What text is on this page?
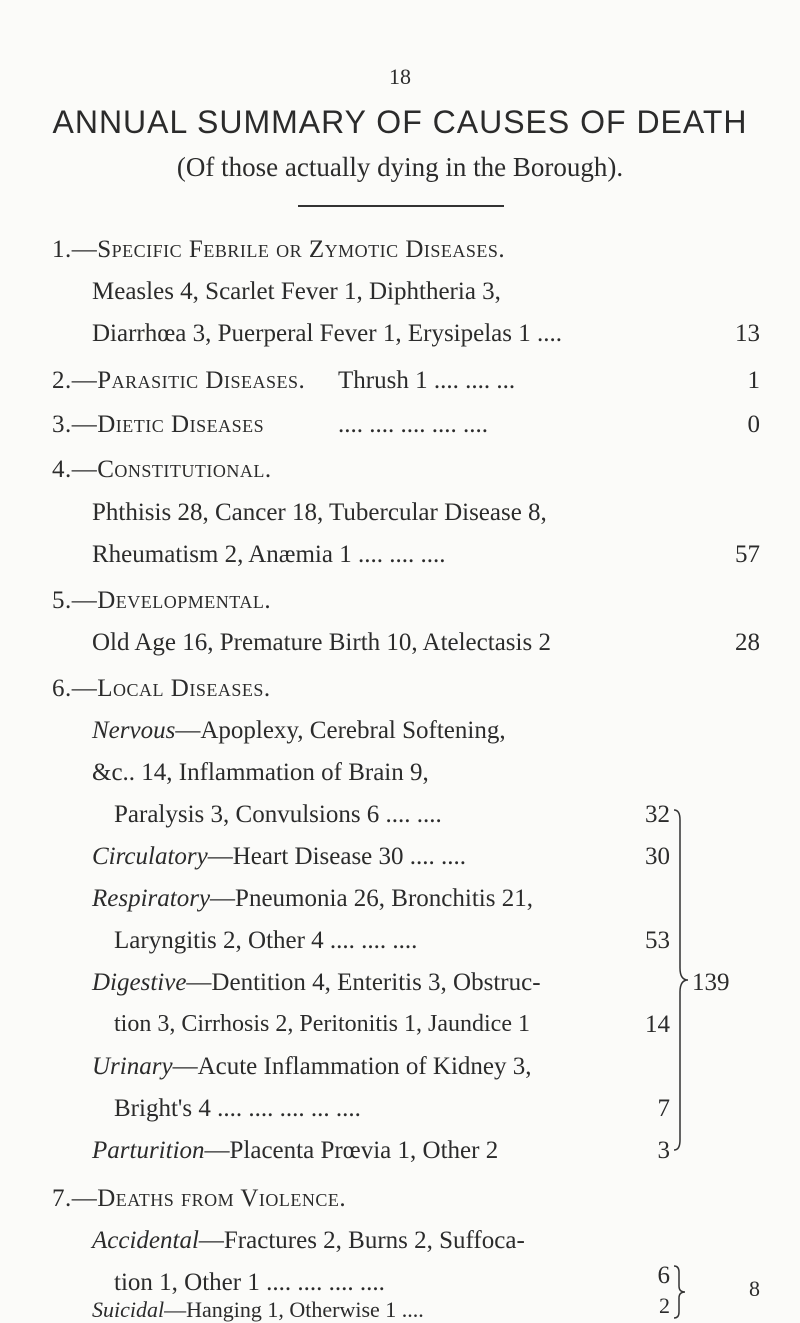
18
ANNUAL SUMMARY OF CAUSES OF DEATH
(Of those actually dying in the Borough).
1.—Specific Febrile or Zymotic Diseases.
Measles 4, Scarlet Fever 1, Diphtheria 3,
Diarrhœa 3, Puerperal Fever 1, Erysipelas 1 ....	13
2.—Parasitic Diseases. Thrush 1 .... .... ...	1
3.—Dietic Diseases	.... .... .... .... ....	0
4.—Constitutional.
Phthisis 28, Cancer 18, Tubercular Disease 8,
Rheumatism 2, Anæmia 1 .... .... ....	57
5.—Developmental.
Old Age 16, Premature Birth 10, Atelectasis 2	28
6.—Local Diseases.
Nervous—Apoplexy, Cerebral Softening,
&c.. 14, Inflammation of Brain 9,
Paralysis 3, Convulsions 6 .... ....	32
Circulatory—Heart Disease 30 .... ....	30
Respiratory—Pneumonia 26, Bronchitis 21,
Laryngitis 2, Other 4 .... .... ....	53
Digestive—Dentition 4, Enteritis 3, Obstruc-
tion 3, Cirrhosis 2, Peritonitis 1, Jaundice 1	14
Urinary—Acute Inflammation of Kidney 3,
Bright's 4 .... .... .... ... ....	7
Parturition—Placenta Prœvia 1, Other 2	3
139
7.—Deaths from Violence.
Accidental—Fractures 2, Burns 2, Suffoca-
tion 1, Other 1 .... .... .... ....	6
Suicidal—Hanging 1, Otherwise 1 ....	2
8
